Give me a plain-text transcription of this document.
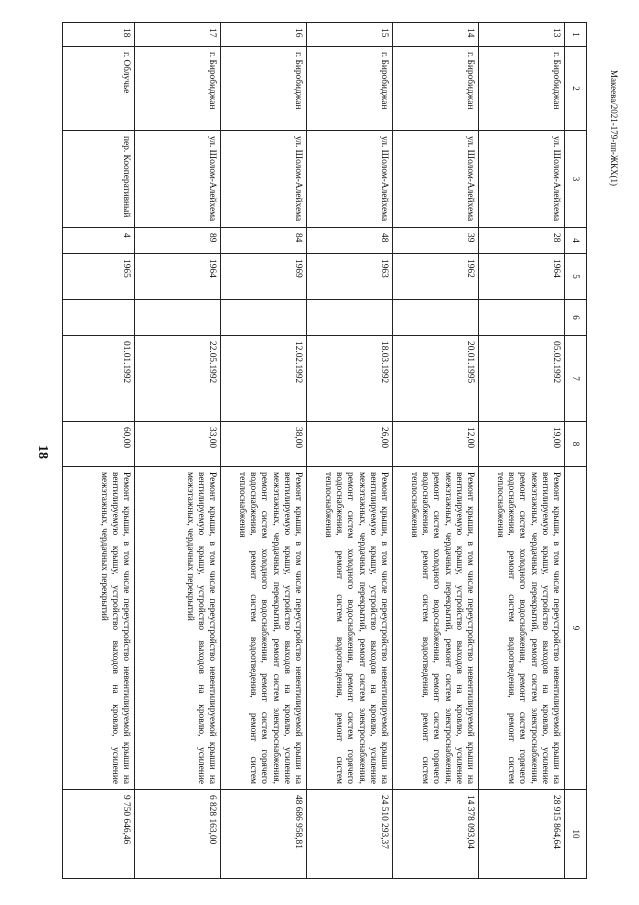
18
Макеева/2021-179-пп-ЖКХ(1)
1	2	3	4	5	6	7	8	9	10
13	г. Биробиджан	ул. Шолом-Алейхема	28	1964		05.02.1992	19,00	Ремонт крыши, в том числе переустройство невентилируемой крыши на вентилируемую крышу, устройство выходов на кровлю, усиление межэтажных, чердачных перекрытий, ремонт систем электроснабжения, ремонт систем холодного водоснабжения, ремонт систем горячего водоснабжения, ремонт систем водоотведения, ремонт систем теплоснабжения	28 915 864,64
14	г. Биробиджан	ул. Шолом-Алейхема	39	1962		20.01.1995	12,00	Ремонт крыши, в том числе переустройство невентилируемой крыши на вентилируемую крышу, устройство выходов на кровлю, усиление межэтажных, чердачных перекрытий, ремонт систем электроснабжения, ремонт систем холодного водоснабжения, ремонт систем горячего водоснабжения, ремонт систем водоотведения, ремонт систем теплоснабжения	14 378 093,04
15	г. Биробиджан	ул. Шолом-Алейхема	48	1963		18.03.1992	26,00	Ремонт крыши, в том числе переустройство невентилируемой крыши на вентилируемую крышу, устройство выходов на кровлю, усиление межэтажных, чердачных перекрытий, ремонт систем электроснабжения, ремонт систем холодного водоснабжения, ремонт систем горячего водоснабжения, ремонт систем водоотведения, ремонт систем теплоснабжения	24 510 293,37
16	г. Биробиджан	ул. Шолом-Алейхема	84	1969		12.02.1992	38,00	Ремонт крыши, в том числе переустройство невентилируемой крыши на вентилируемую крышу, устройство выходов на кровлю, усиление межэтажных, чердачных перекрытий, ремонт систем электроснабжения, ремонт систем холодного водоснабжения, ремонт систем горячего водоснабжения, ремонт систем водоотведения, ремонт систем теплоснабжения	48 686 958,81
17	г. Биробиджан	ул. Шолом-Алейхема	89	1964		22.05.1992	33,00	Ремонт крыши, в том числе переустройство невентилируемой крыши на вентилируемую крышу, устройство выходов на кровлю, усиление межэтажных, чердачных перекрытий	6 828 163,00
18	г. Облучье	пер. Кооперативный	4	1965		01.01.1992	60,00	Ремонт крыши, в том числе переустройство невентилируемой крыши на вентилируемую крышу, устройство выходов на кровлю, усиление межэтажных, чердачных перекрытий	9 750 646,46
